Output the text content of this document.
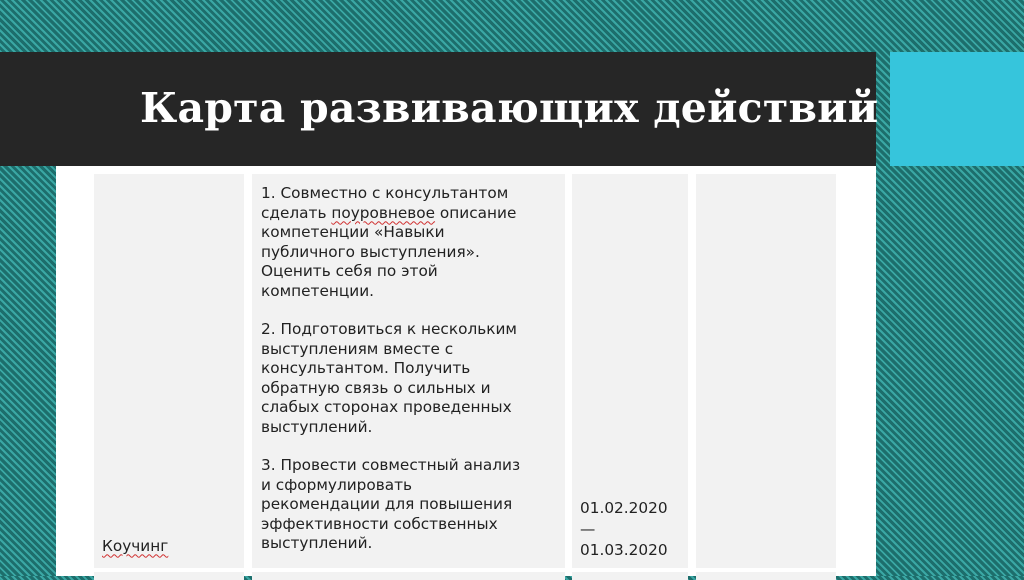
Карта развивающих действий
Коучинг
1. Совместно с консультантом
сделать поуровневое описание
компетенции «Навыки
публичного выступления».
Оценить себя по этой
компетенции.
2. Подготовиться к нескольким
выступлениям вместе с
консультантом. Получить
обратную связь о сильных и
слабых сторонах проведенных
выступлений.
3. Провести совместный анализ
и сформулировать
рекомендации для повышения
эффективности собственных
выступлений.
01.02.2020
—
01.03.2020
